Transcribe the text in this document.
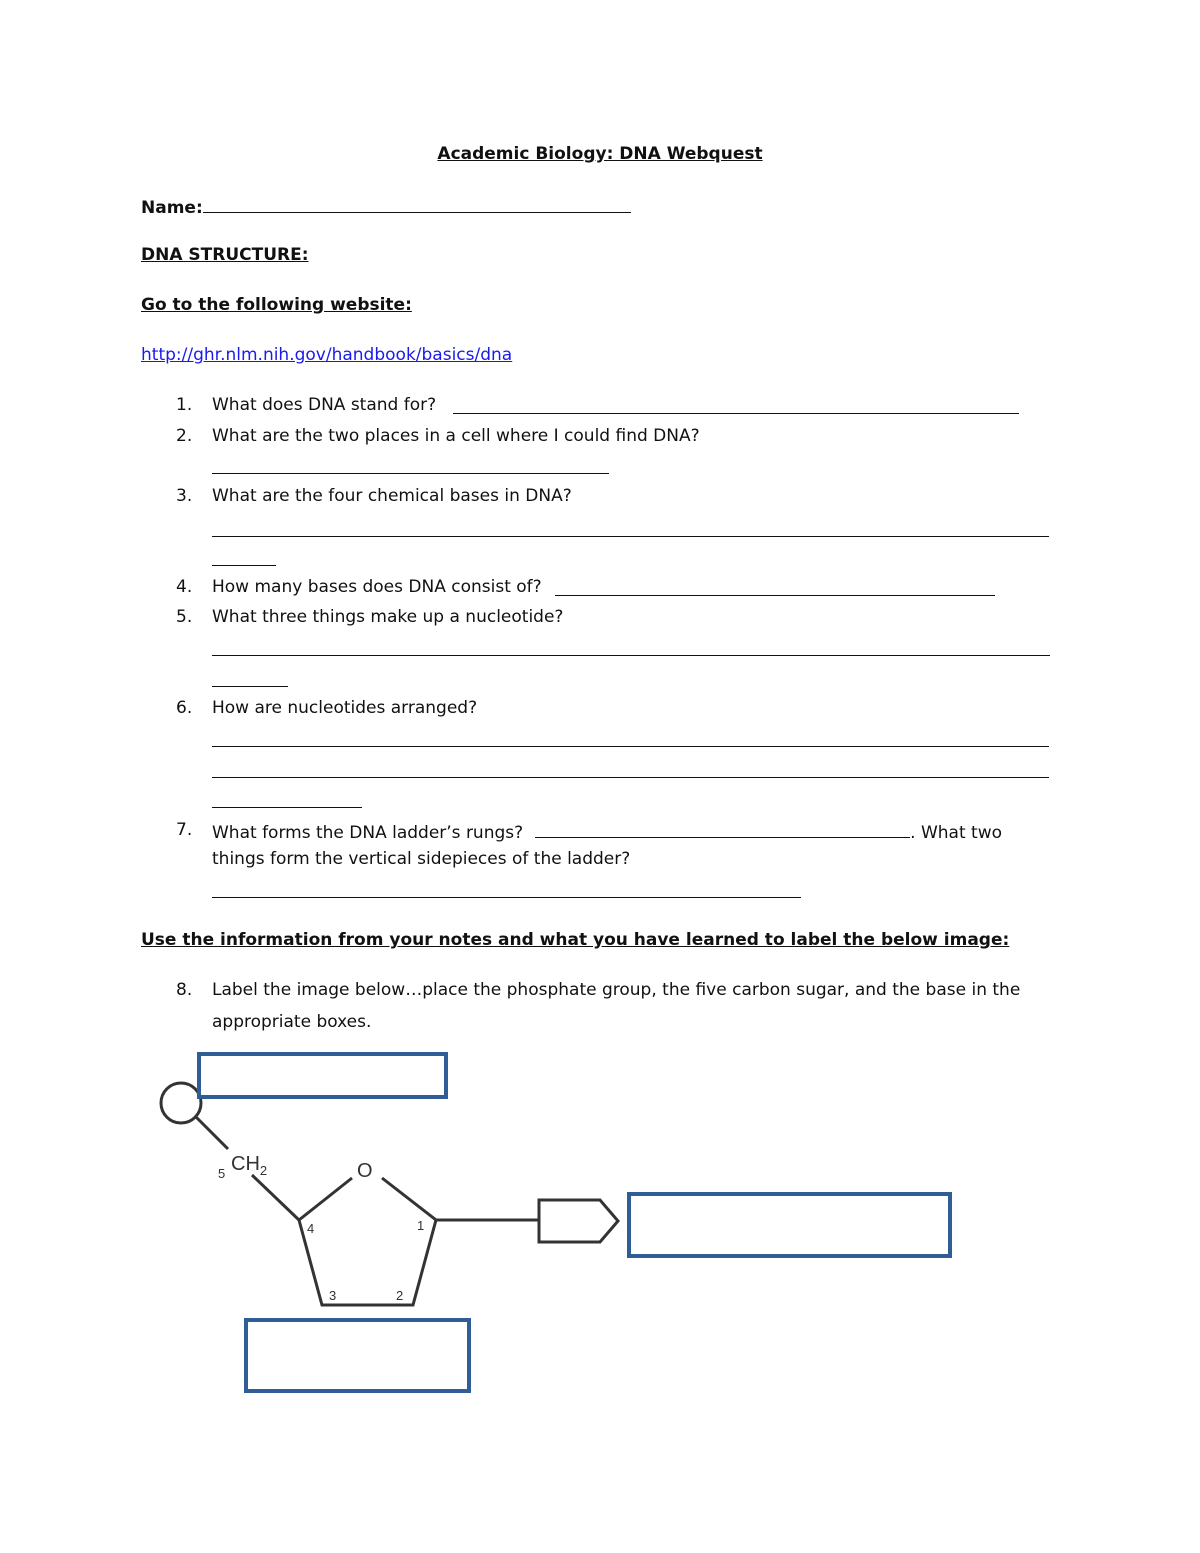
Academic Biology: DNA Webquest
Name:
DNA STRUCTURE:
Go to the following website:
http://ghr.nlm.nih.gov/handbook/basics/dna
1. What does DNA stand for?
2. What are the two places in a cell where I could find DNA?
3. What are the four chemical bases in DNA?
4. How many bases does DNA consist of?
5. What three things make up a nucleotide?
6. How are nucleotides arranged?
7. What forms the DNA ladder’s rungs?	. What two
things form the vertical sidepieces of the ladder?
Use the information from your notes and what you have learned to label the below image:
8. Label the image below…place the phosphate group, the five carbon sugar, and the base in the
appropriate boxes.
$CH_2$	O
5
4	1
3	2
